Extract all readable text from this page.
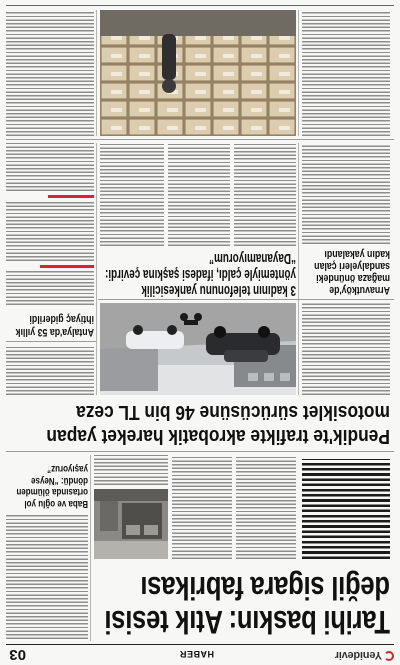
Yenidevir
HABER
03
Tarihi baskın: Atık tesisi
değil sigara fabrikası
Baba ve oğlu yol ortasında ölümden döndü: “Neyse yaşıyoruz”
Pendik'te trafikte akrobatik hareket yapan
motosiklet sürücüsüne 46 bin TL ceza
Antalya'da 53 yıllık ihtiyaç giderildi
Arnavutköy'de mağaza önündeki sandalyeleri çalan kadın yakalandı
3 kadının telefonunu yankesicilik
yöntemiyle çaldı, ifadesi şaşkına çevirdi:
“Dayanamıyorum”
